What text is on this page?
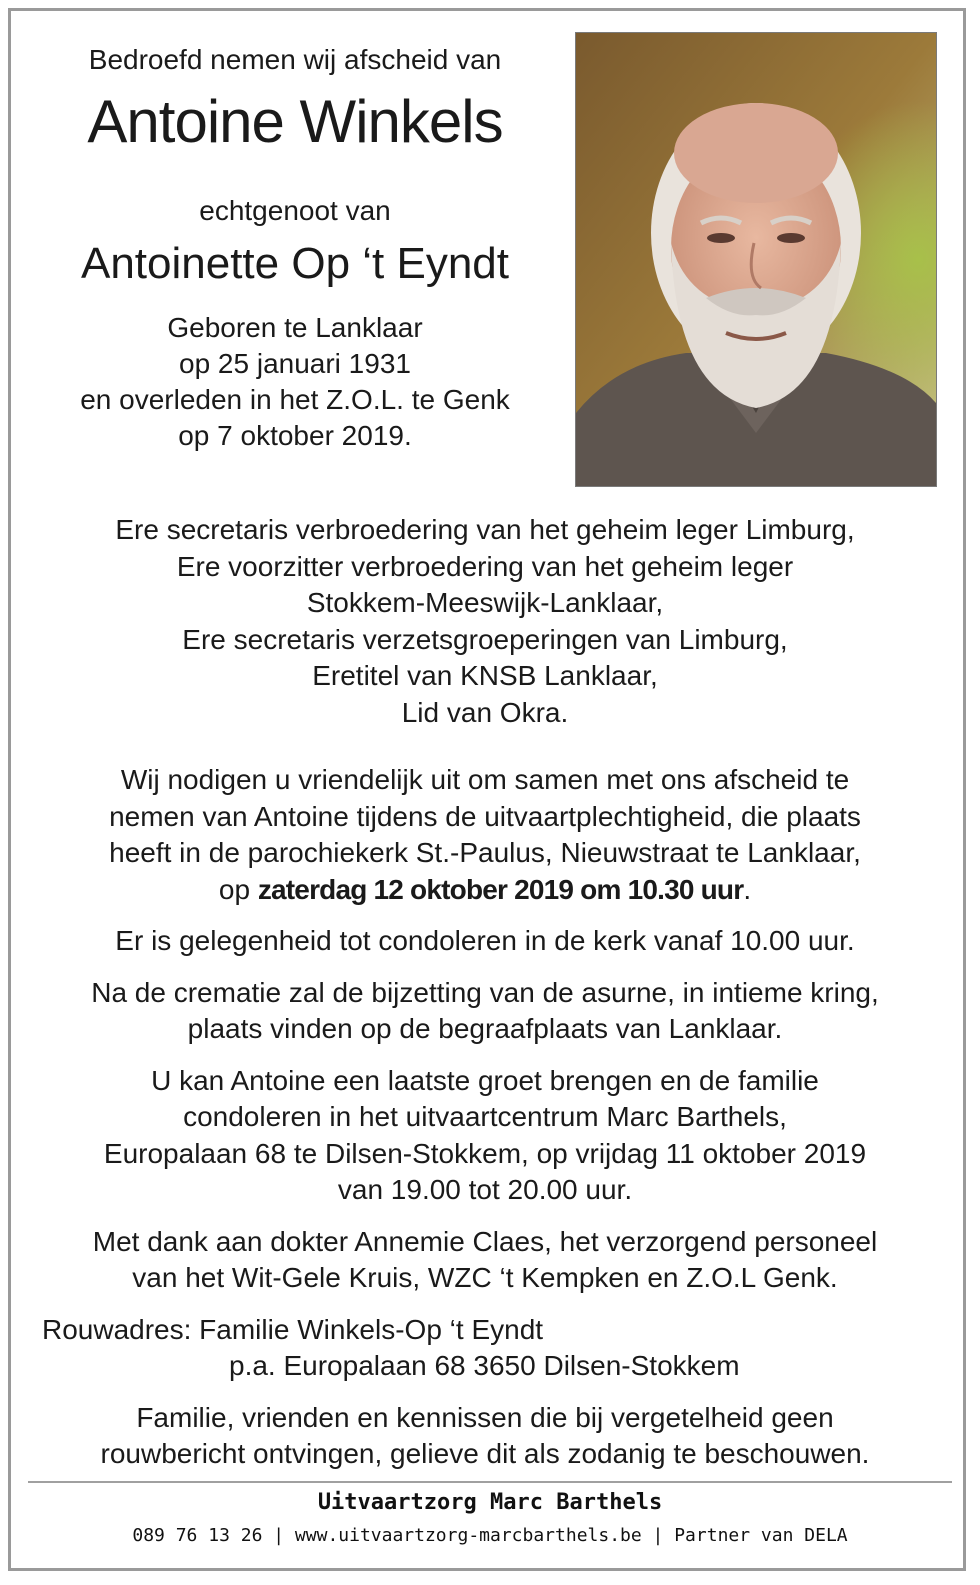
Bedroefd nemen wij afscheid van
Antoine Winkels
echtgenoot van
Antoinette Op ‘t Eyndt
Geboren te Lanklaar
op 25 januari 1931
en overleden in het Z.O.L. te Genk
op 7 oktober 2019.

Ere secretaris verbroedering van het geheim leger Limburg,
Ere voorzitter verbroedering van het geheim leger
Stokkem-Meeswijk-Lanklaar,
Ere secretaris verzetsgroeperingen van Limburg,
Eretitel van KNSB Lanklaar,
Lid van Okra.

Wij nodigen u vriendelijk uit om samen met ons afscheid te
nemen van Antoine tijdens de uitvaartplechtigheid, die plaats
heeft in de parochiekerk St.-Paulus, Nieuwstraat te Lanklaar,
op zaterdag 12 oktober 2019 om 10.30 uur.

Er is gelegenheid tot condoleren in de kerk vanaf 10.00 uur.

Na de crematie zal de bijzetting van de asurne, in intieme kring,
plaats vinden op de begraafplaats van Lanklaar.

U kan Antoine een laatste groet brengen en de familie
condoleren in het uitvaartcentrum Marc Barthels,
Europalaan 68 te Dilsen-Stokkem, op vrijdag 11 oktober 2019
van 19.00 tot 20.00 uur.

Met dank aan dokter Annemie Claes, het verzorgend personeel
van het Wit-Gele Kruis, WZC ‘t Kempken en Z.O.L Genk.

Rouwadres: Familie Winkels-Op ‘t Eyndt
p.a. Europalaan 68 3650 Dilsen-Stokkem

Familie, vrienden en kennissen die bij vergetelheid geen
rouwbericht ontvingen, gelieve dit als zodanig te beschouwen.

Uitvaartzorg Marc Barthels
089 76 13 26 | www.uitvaartzorg-marcbarthels.be | Partner van DELA
